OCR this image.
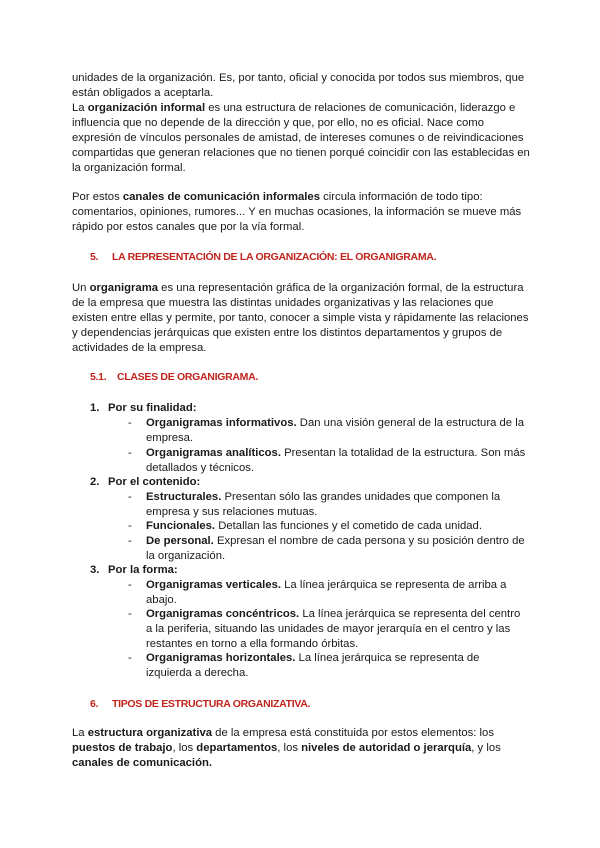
unidades de la organización. Es, por tanto, oficial y conocida por todos sus miembros, que están obligados a aceptarla.
La organización informal es una estructura de relaciones de comunicación, liderazgo e influencia que no depende de la dirección y que, por ello, no es oficial. Nace como expresión de vínculos personales de amistad, de intereses comunes o de reivindicaciones compartidas que generan relaciones que no tienen porqué coincidir con las establecidas en la organización formal.

Por estos canales de comunicación informales circula información de todo tipo: comentarios, opiniones, rumores... Y en muchas ocasiones, la información se mueve más rápido por estos canales que por la vía formal.

5. LA REPRESENTACIÓN DE LA ORGANIZACIÓN: EL ORGANIGRAMA.

Un organigrama es una representación gráfica de la organización formal, de la estructura de la empresa que muestra las distintas unidades organizativas y las relaciones que existen entre ellas y permite, por tanto, conocer a simple vista y rápidamente las relaciones y dependencias jerárquicas que existen entre los distintos departamentos y grupos de actividades de la empresa.

5.1. CLASES DE ORGANIGRAMA.
1. Por su finalidad:
- Organigramas informativos. Dan una visión general de la estructura de la empresa.
- Organigramas analíticos. Presentan la totalidad de la estructura. Son más detallados y técnicos.
2. Por el contenido:
- Estructurales. Presentan sólo las grandes unidades que componen la empresa y sus relaciones mutuas.
- Funcionales. Detallan las funciones y el cometido de cada unidad.
- De personal. Expresan el nombre de cada persona y su posición dentro de la organización.
3. Por la forma:
- Organigramas verticales. La línea jerárquica se representa de arriba a abajo.
- Organigramas concéntricos. La línea jerárquica se representa del centro a la periferia, situando las unidades de mayor jerarquía en el centro y las restantes en torno a ella formando órbitas.
- Organigramas horizontales. La línea jerárquica se representa de izquierda a derecha.
6. TIPOS DE ESTRUCTURA ORGANIZATIVA.

La estructura organizativa de la empresa está constituida por estos elementos: los puestos de trabajo, los departamentos, los niveles de autoridad o jerarquía, y los canales de comunicación.
